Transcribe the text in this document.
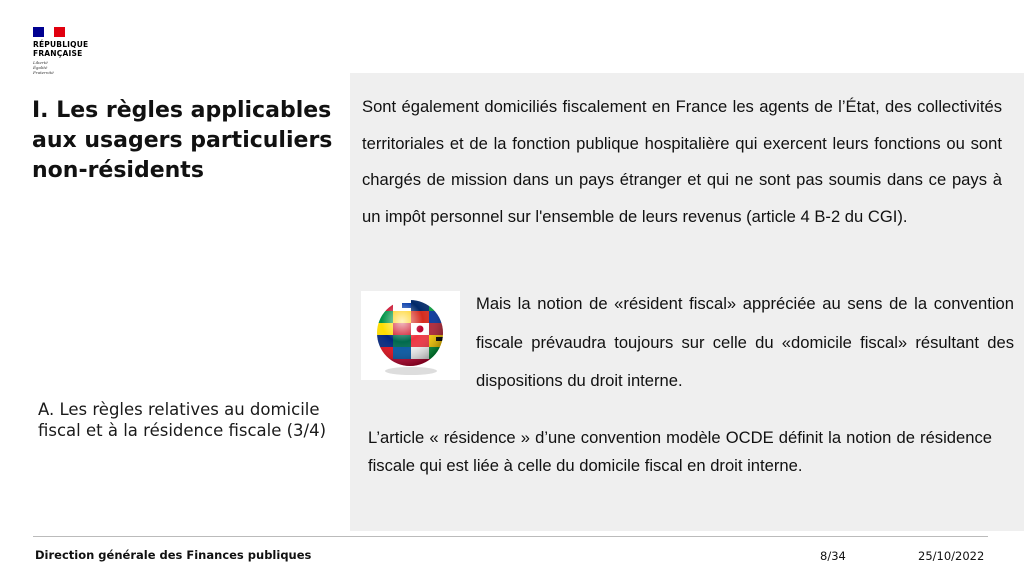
RÉPUBLIQUE
FRANÇAISE
Liberté
Égalité
Fraternité
I. Les règles applicables aux usagers particuliers non-résidents
A. Les règles relatives au domicile fiscal et à la résidence fiscale (3/4)

Sont également domiciliés fiscalement en France les agents de l’État, des collectivités territoriales et de la fonction publique hospitalière qui exercent leurs fonctions ou sont chargés de mission dans un pays étranger et qui ne sont pas soumis dans ce pays à un impôt personnel sur l'ensemble de leurs revenus (article 4 B-2 du CGI).

Mais la notion de «résident fiscal» appréciée au sens de la convention fiscale prévaudra toujours sur celle du «domicile fiscal» résultant des dispositions du droit interne.

L’article « résidence » d’une convention modèle OCDE définit la notion de résidence fiscale qui est liée à celle du domicile fiscal en droit interne.

Direction générale des Finances publiques	8/34	25/10/2022
